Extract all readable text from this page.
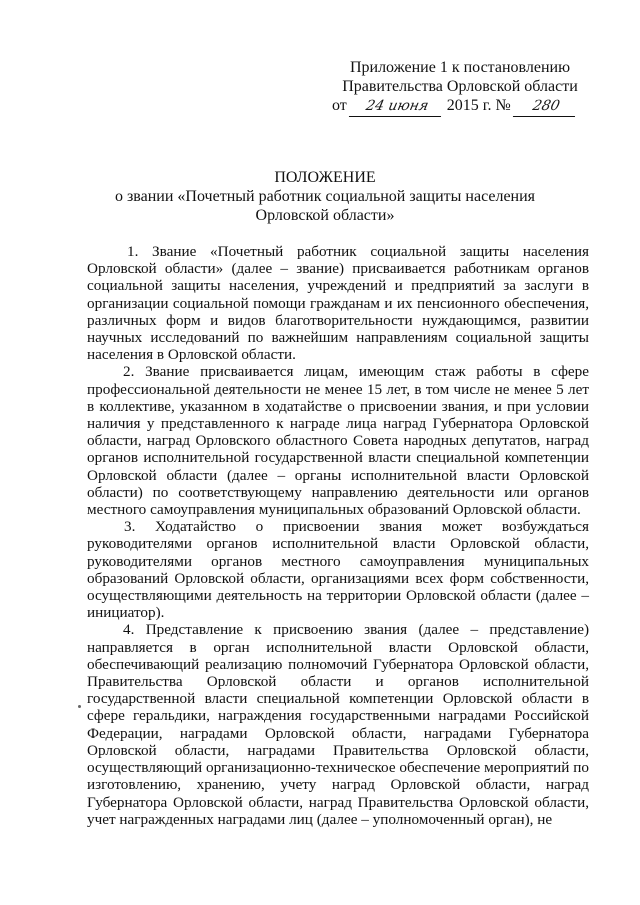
Приложение 1 к постановлению
Правительства Орловской области
от 24 июня 2015 г. № 280
ПОЛОЖЕНИЕ
о звании «Почетный работник социальной защиты населения
Орловской области»

1. Звание «Почетный работник социальной защиты населения Орловской области» (далее – звание) присваивается работникам органов социальной защиты населения, учреждений и предприятий за заслуги в организации социальной помощи гражданам и их пенсионного обеспечения, различных форм и видов благотворительности нуждающимся, развитии научных исследований по важнейшим направлениям социальной защиты населения в Орловской области.

2. Звание присваивается лицам, имеющим стаж работы в сфере профессиональной деятельности не менее 15 лет, в том числе не менее 5 лет в коллективе, указанном в ходатайстве о присвоении звания, и при условии наличия у представленного к награде лица наград Губернатора Орловской области, наград Орловского областного Совета народных депутатов, наград органов исполнительной государственной власти специальной компетенции Орловской области (далее – органы исполнительной власти Орловской области) по соответствующему направлению деятельности или органов местного самоуправления муниципальных образований Орловской области.

3. Ходатайство о присвоении звания может возбуждаться руководителями органов исполнительной власти Орловской области, руководителями органов местного самоуправления муниципальных образований Орловской области, организациями всех форм собственности, осуществляющими деятельность на территории Орловской области (далее – инициатор).

4. Представление к присвоению звания (далее – представление) направляется в орган исполнительной власти Орловской области, обеспечивающий реализацию полномочий Губернатора Орловской области, Правительства Орловской области и органов исполнительной государственной власти специальной компетенции Орловской области в сфере геральдики, награждения государственными наградами Российской Федерации, наградами Орловской области, наградами Губернатора Орловской области, наградами Правительства Орловской области, осуществляющий организационно-техническое обеспечение мероприятий по изготовлению, хранению, учету наград Орловской области, наград Губернатора Орловской области, наград Правительства Орловской области, учет награжденных наградами лиц (далее – уполномоченный орган), не
